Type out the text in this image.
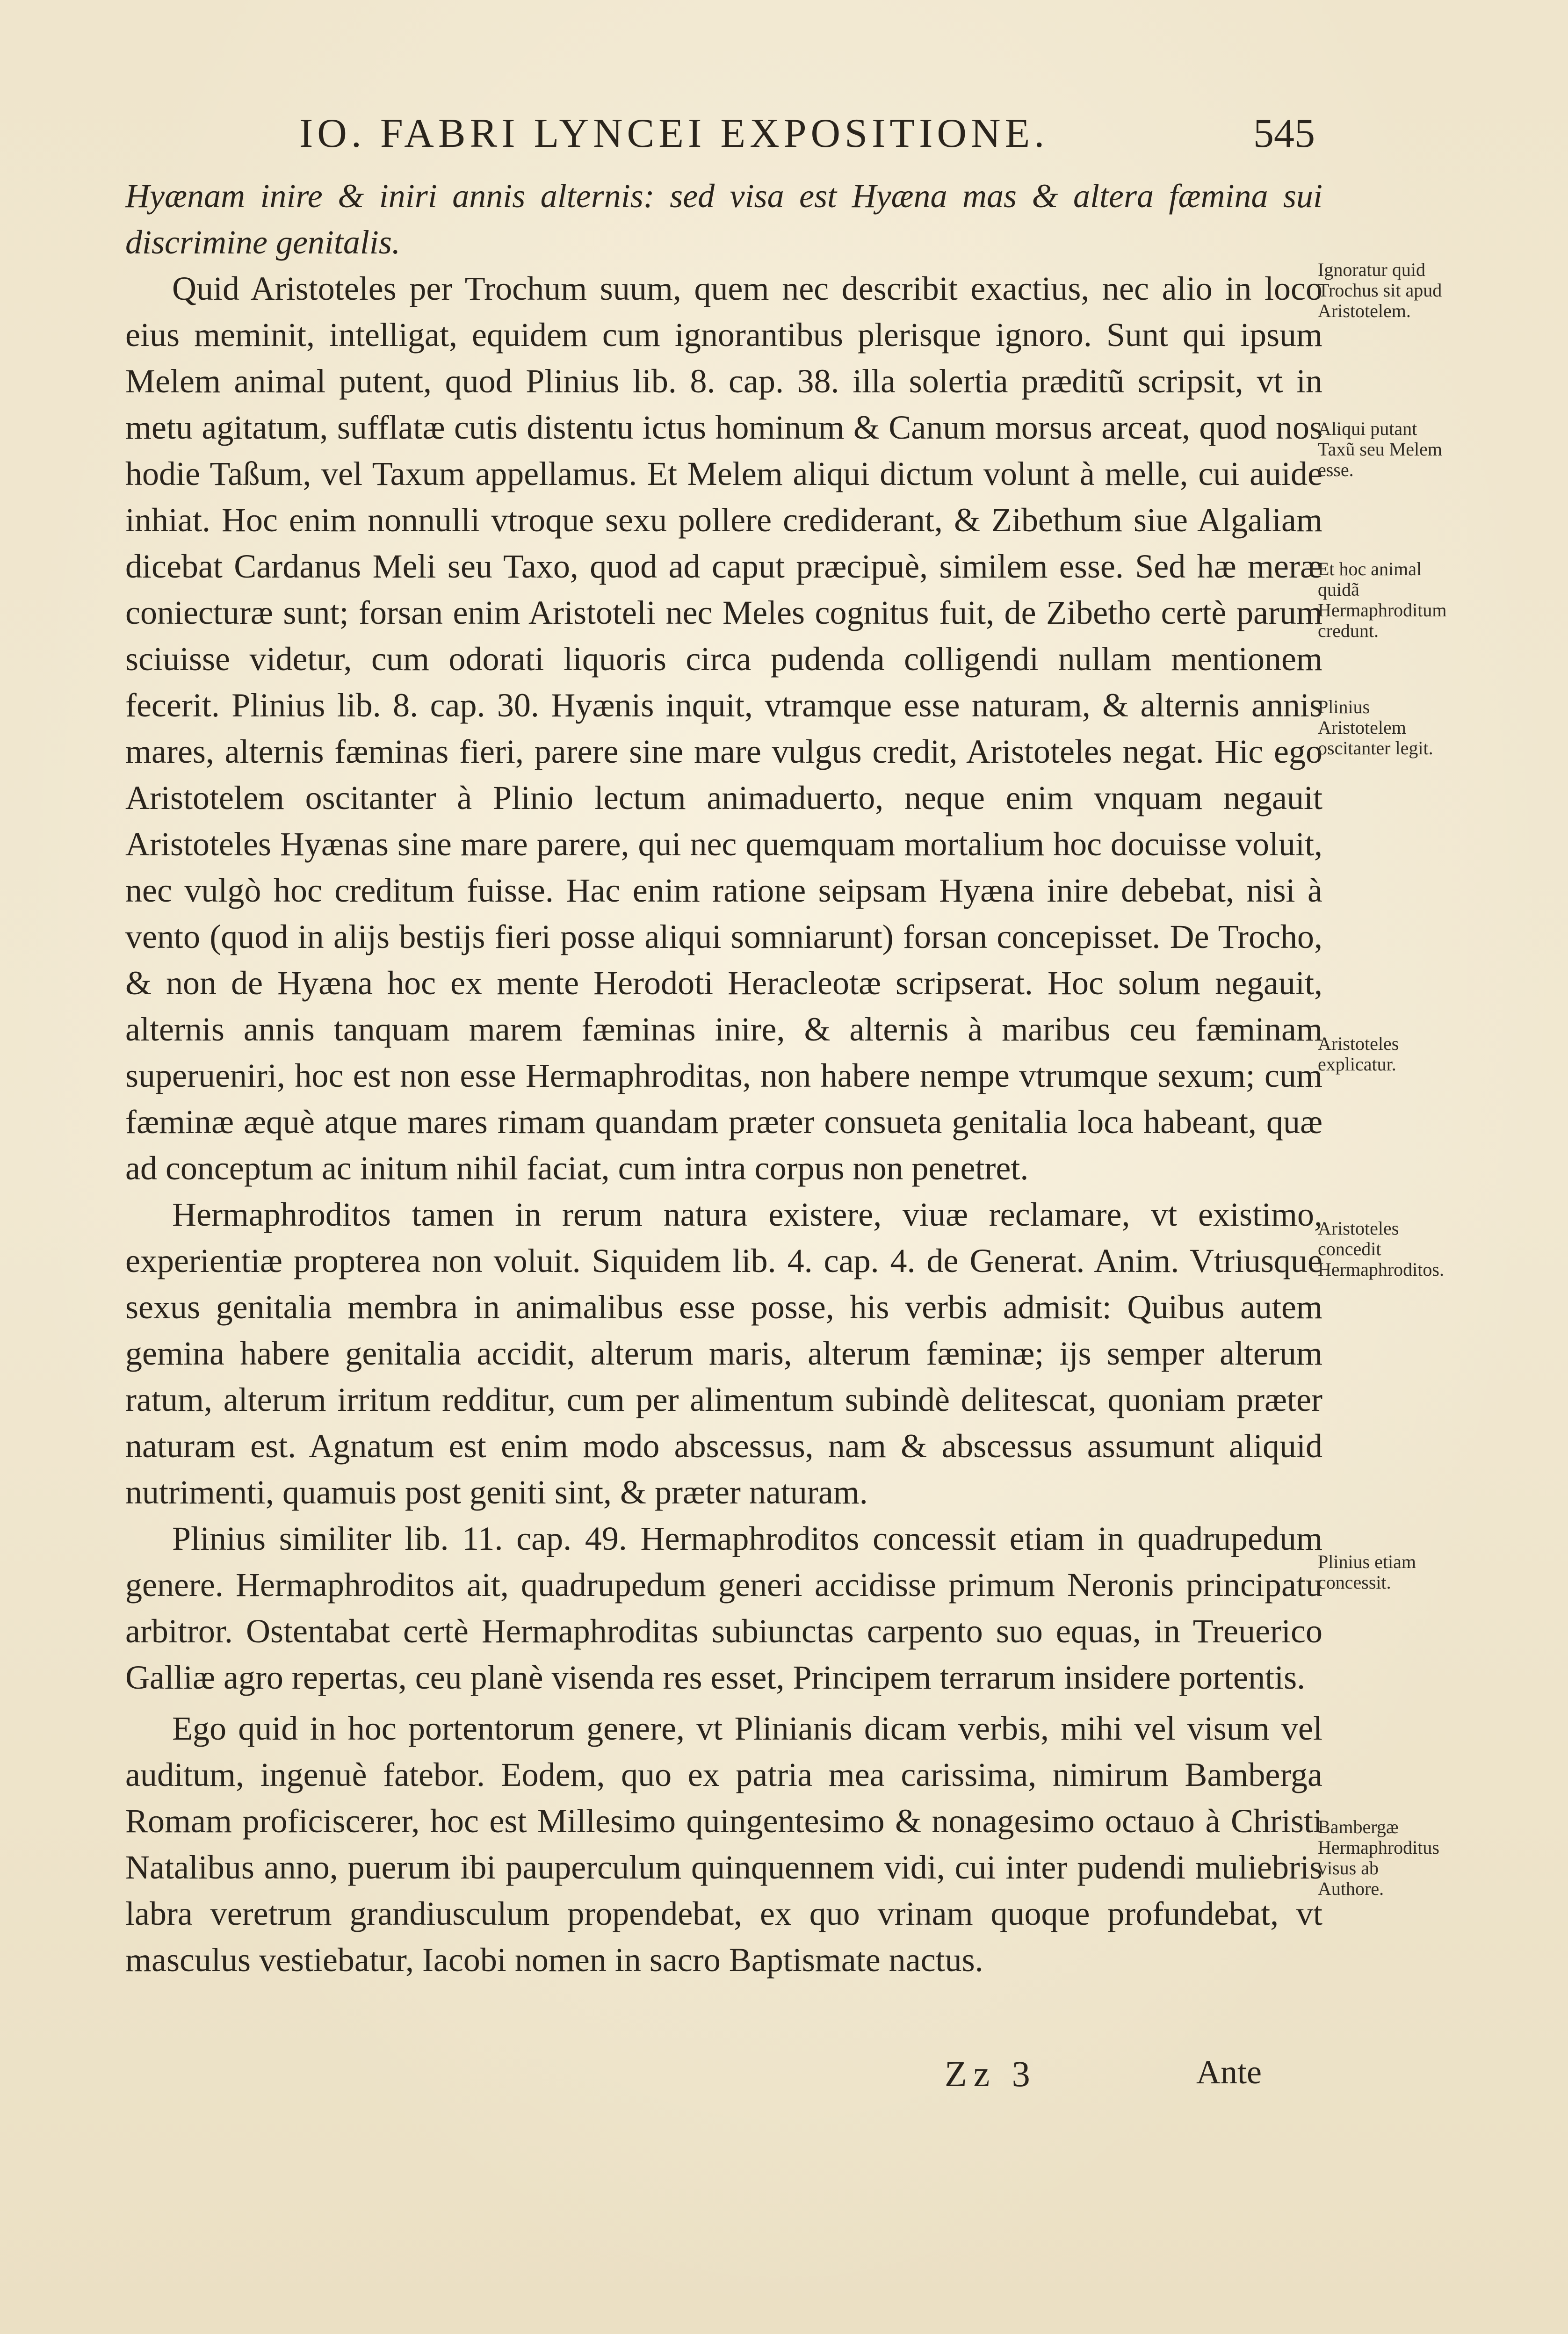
IO. FABRI LYNCEI EXPOSITIONE.	545

Hyænam inire & iniri annis alternis: sed visa est Hyæna mas & altera fæmina sui discrimine genitalis.

Quid Aristoteles per Trochum suum, quem nec describit exactius, nec alio in loco eius meminit, intelligat, equidem cum ignorantibus plerisque ignoro. Sunt qui ipsum Melem animal putent, quod Plinius lib. 8. cap. 38. illa solertia præditũ scripsit, vt in metu agitatum, sufflatæ cutis distentu ictus hominum & Canum morsus arceat, quod nos hodie Taßum, vel Taxum appellamus. Et Melem aliqui dictum volunt à melle, cui auide inhiat. Hoc enim nonnulli vtroque sexu pollere crediderant, & Zibethum siue Algaliam dicebat Cardanus Meli seu Taxo, quod ad caput præcipuè, similem esse. Sed hæ meræ coniecturæ sunt; forsan enim Aristoteli nec Meles cognitus fuit, de Zibetho certè parum sciuisse videtur, cum odorati liquoris circa pudenda colligendi nullam mentionem fecerit. Plinius lib. 8. cap. 30. Hyænis inquit, vtramque esse naturam, & alternis annis mares, alternis fæminas fieri, parere sine mare vulgus credit, Aristoteles negat. Hic ego Aristotelem oscitanter à Plinio lectum animaduerto, neque enim vnquam negauit Aristoteles Hyænas sine mare parere, qui nec quemquam mortalium hoc docuisse voluit, nec vulgò hoc creditum fuisse. Hac enim ratione seipsam Hyæna inire debebat, nisi à vento (quod in alijs bestijs fieri posse aliqui somniarunt) forsan concepisset. De Trocho, & non de Hyæna hoc ex mente Herodoti Heracleotæ scripserat. Hoc solum negauit, alternis annis tanquam marem fæminas inire, & alternis à maribus ceu fæminam superueniri, hoc est non esse Hermaphroditas, non habere nempe vtrumque sexum; cum fæminæ æquè atque mares rimam quandam præter consueta genitalia loca habeant, quæ ad conceptum ac initum nihil faciat, cum intra corpus non penetret.

Hermaphroditos tamen in rerum natura existere, viuæ reclamare, vt existimo, experientiæ propterea non voluit. Siquidem lib. 4. cap. 4. de Generat. Anim. Vtriusque sexus genitalia membra in animalibus esse posse, his verbis admisit: Quibus autem gemina habere genitalia accidit, alterum maris, alterum fæminæ; ijs semper alterum ratum, alterum irritum redditur, cum per alimentum subindè delitescat, quoniam præter naturam est. Agnatum est enim modo abscessus, nam & abscessus assumunt aliquid nutrimenti, quamuis post geniti sint, & præter naturam.

Plinius similiter lib. 11. cap. 49. Hermaphroditos concessit etiam in quadrupedum genere. Hermaphroditos ait, quadrupedum generi accidisse primum Neronis principatu arbitror. Ostentabat certè Hermaphroditas subiunctas carpento suo equas, in Treuerico Galliæ agro repertas, ceu planè visenda res esset, Principem terrarum insidere portentis.

Ego quid in hoc portentorum genere, vt Plinianis dicam verbis, mihi vel visum vel auditum, ingenuè fatebor. Eodem, quo ex patria mea carissima, nimirum Bamberga Romam proficiscerer, hoc est Millesimo quingentesimo & nonagesimo octauo à Christi Natalibus anno, puerum ibi pauperculum quinquennem vidi, cui inter pudendi muliebris labra veretrum grandiusculum propendebat, ex quo vrinam quoque profundebat, vt masculus vestiebatur, Iacobi nomen in sacro Baptismate nactus.

Ignoratur quid Trochus sit apud Aristotelem.
Aliqui putant Taxũ seu Melem esse.
Et hoc animal quidã Hermaphroditum credunt.
Plinius Aristotelem oscitanter legit.
Aristoteles explicatur.
Aristoteles concedit Hermaphroditos.
Plinius etiam concessit.
Bambergæ Hermaphroditus visus ab Authore.
Zz 3	Ante
